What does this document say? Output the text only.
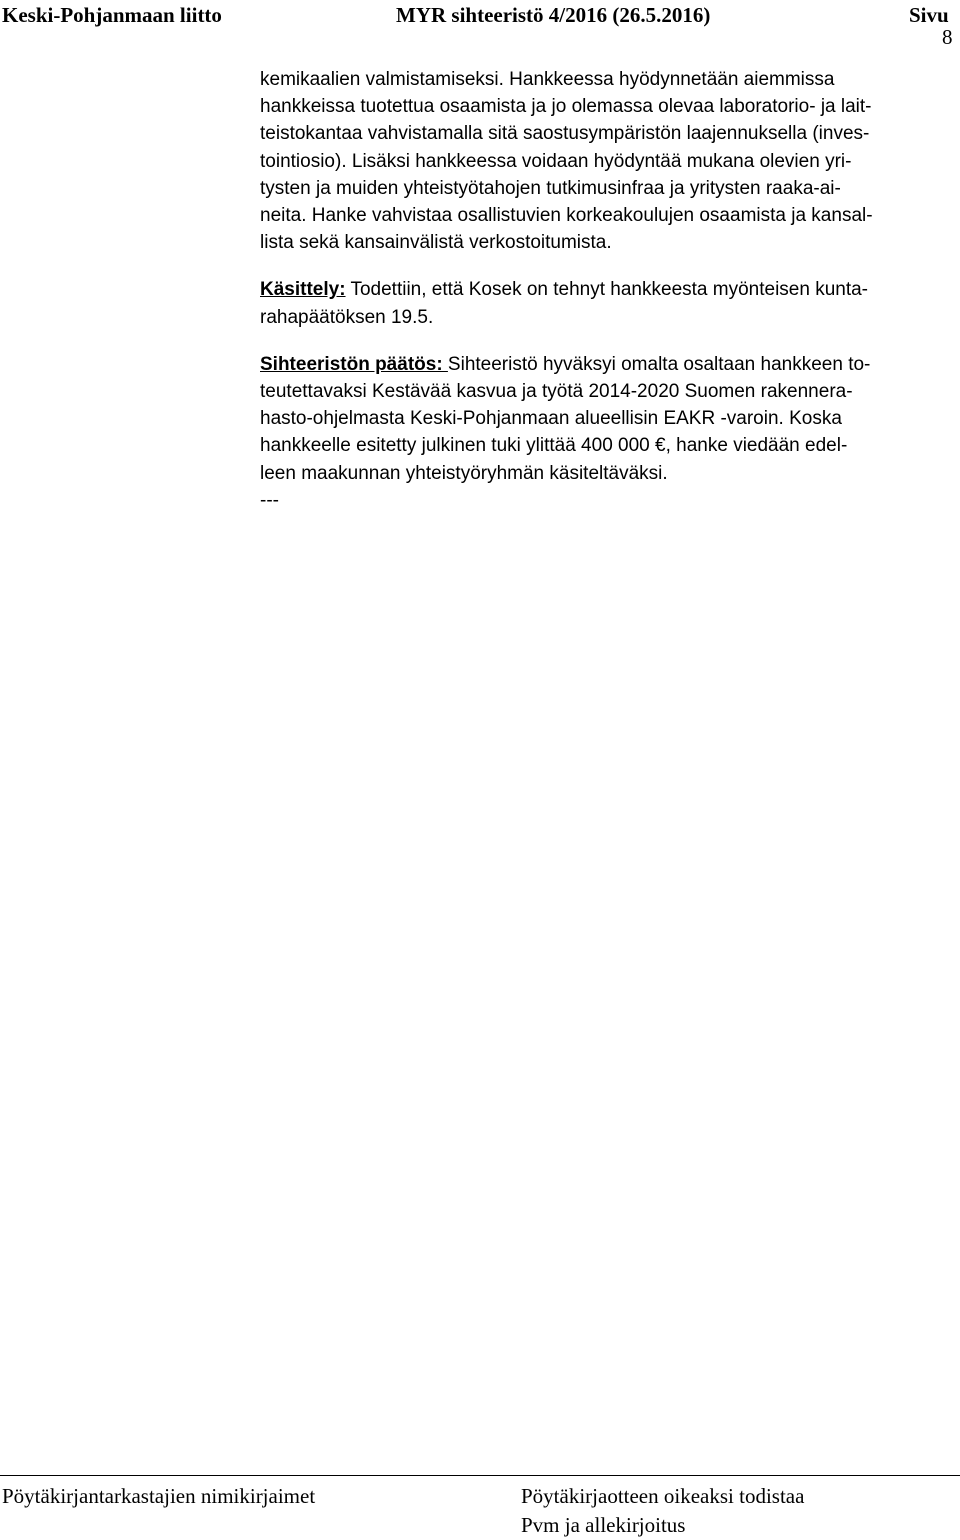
Keski-Pohjanmaan liitto	MYR sihteeristö 4/2016 (26.5.2016)	Sivu
8

kemikaalien valmistamiseksi. Hankkeessa hyödynnetään aiemmissa
hankkeissa tuotettua osaamista ja jo olemassa olevaa laboratorio- ja lait-
teistokantaa vahvistamalla sitä saostusympäristön laajennuksella (inves-
tointiosio). Lisäksi hankkeessa voidaan hyödyntää mukana olevien yri-
tysten ja muiden yhteistyötahojen tutkimusinfraa ja yritysten raaka-ai-
neita. Hanke vahvistaa osallistuvien korkeakoulujen osaamista ja kansal-
lista sekä kansainvälistä verkostoitumista.

Käsittely: Todettiin, että Kosek on tehnyt hankkeesta myönteisen kunta-
rahapäätöksen 19.5.

Sihteeristön päätös: Sihteeristö hyväksyi omalta osaltaan hankkeen to-
teutettavaksi Kestävää kasvua ja työtä 2014-2020 Suomen rakennera-
hasto-ohjelmasta Keski-Pohjanmaan alueellisin EAKR -varoin. Koska
hankkeelle esitetty julkinen tuki ylittää 400 000 €, hanke viedään edel-
leen maakunnan yhteistyöryhmän käsiteltäväksi.
---

Pöytäkirjantarkastajien nimikirjaimet	Pöytäkirjaotteen oikeaksi todistaa
Pvm ja allekirjoitus
